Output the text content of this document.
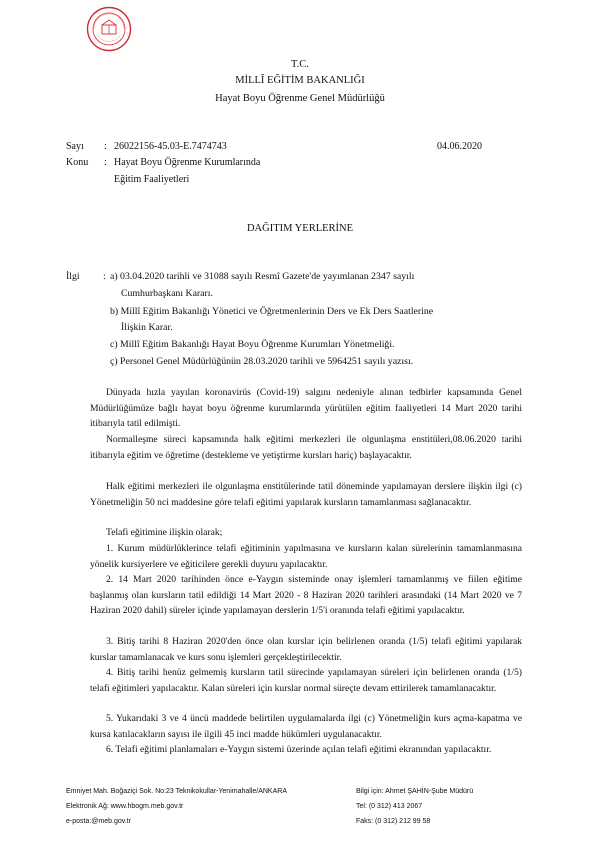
T.C.
MİLLÎ EĞİTİM BAKANLIĞI
Hayat Boyu Öğrenme Genel Müdürlüğü
Sayı : 26022156-45.03-E.7474743	04.06.2020
Konu : Hayat Boyu Öğrenme Kurumlarında
Eğitim Faaliyetleri
DAĞITIM YERLERİNE
İlgi : a) 03.04.2020 tarihli ve 31088 sayılı Resmî Gazete'de yayımlanan 2347 sayılı
Cumhurbaşkanı Kararı.
b) Millî Eğitim Bakanlığı Yönetici ve Öğretmenlerinin Ders ve Ek Ders Saatlerine
İlişkin Karar.
c) Millî Eğitim Bakanlığı Hayat Boyu Öğrenme Kurumları Yönetmeliği.
ç) Personel Genel Müdürlüğünün 28.03.2020 tarihli ve 5964251 sayılı yazısı.
Dünyada hızla yayılan koronavirüs (Covid-19) salgını nedeniyle alınan tedbirler kapsamında Genel Müdürlüğümüze bağlı hayat boyu öğrenme kurumlarında yürütülen eğitim faaliyetleri 14 Mart 2020 tarihi itibarıyla tatil edilmişti.
Normalleşme süreci kapsamında halk eğitimi merkezleri ile olgunlaşma enstitüleri,08.06.2020 tarihi itibarıyla eğitim ve öğretime (destekleme ve yetiştirme kursları hariç) başlayacaktır.
Halk eğitimi merkezleri ile olgunlaşma enstitülerinde tatil döneminde yapılamayan derslere ilişkin ilgi (c) Yönetmeliğin 50 nci maddesine göre telafi eğitimi yapılarak kursların tamamlanması sağlanacaktır.
Telafi eğitimine ilişkin olarak;
1. Kurum müdürlüklerince telafi eğitiminin yapılmasına ve kursların kalan sürelerinin tamamlanmasına yönelik kursiyerlere ve eğiticilere gerekli duyuru yapılacaktır.
2. 14 Mart 2020 tarihinden önce e-Yaygın sisteminde onay işlemleri tamamlanmış ve fiilen eğitime başlanmış olan kursların tatil edildiği 14 Mart 2020 - 8 Haziran 2020 tarihleri arasındaki (14 Mart 2020 ve 7 Haziran 2020 dahil) süreler içinde yapılamayan derslerin 1/5'i oranında telafi eğitimi yapılacaktır.
3. Bitiş tarihi 8 Haziran 2020'den önce olan kurslar için belirlenen oranda (1/5) telafi eğitimi yapılarak kurslar tamamlanacak ve kurs sonu işlemleri gerçekleştirilecektir.
4. Bitiş tarihi henüz gelmemiş kursların tatil sürecinde yapılamayan süreleri için belirlenen oranda (1/5) telafi eğitimleri yapılacaktır. Kalan süreleri için kurslar normal süreçte devam ettirilerek tamamlanacaktır.
5. Yukarıdaki 3 ve 4 üncü maddede belirtilen uygulamalarda ilgi (c) Yönetmeliğin kurs açma-kapatma ve kursa katılacakların sayısı ile ilgili 45 inci madde hükümleri uygulanacaktır.
6. Telafi eğitimi planlamaları e-Yaygın sistemi üzerinde açılan telafi eğitimi ekranından yapılacaktır.
Emniyet Mah. Boğaziçi Sok. No:23 Teknikokullar-Yenimahalle/ANKARA
Elektronik Ağ: www.hbogm.meb.gov.tr
e-posta:@meb.gov.tr
Bilgi için: Ahmet ŞAHİN-Şube Müdürü
Tel: (0 312) 413 2067
Faks: (0 312) 212 99 58
